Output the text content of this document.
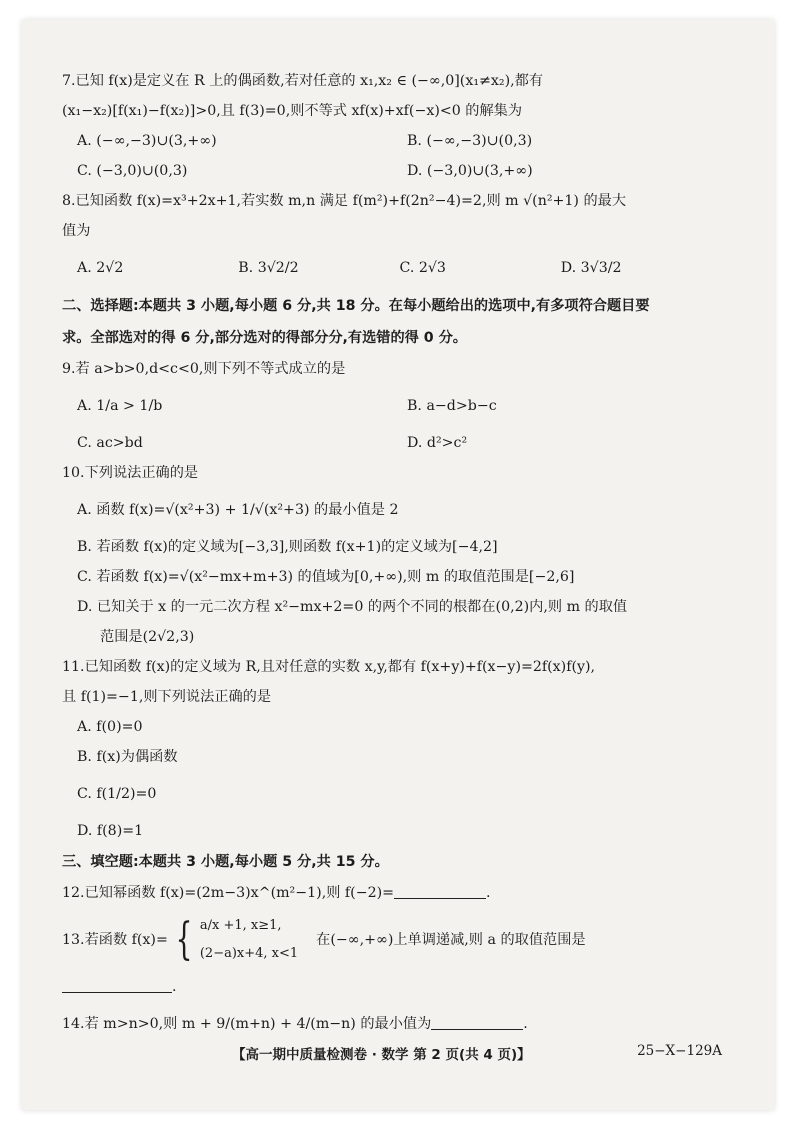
7.已知 f(x)是定义在 R 上的偶函数,若对任意的 x₁,x₂ ∈ (−∞,0](x₁≠x₂),都有
(x₁−x₂)[f(x₁)−f(x₂)]>0,且 f(3)=0,则不等式 xf(x)+xf(−x)<0 的解集为
A. (−∞,−3)∪(3,+∞)	B. (−∞,−3)∪(0,3)
C. (−3,0)∪(0,3)	D. (−3,0)∪(3,+∞)
8.已知函数 f(x)=x³+2x+1,若实数 m,n 满足 f(m²)+f(2n²−4)=2,则 m √(n²+1) 的最大
值为
A. 2√2	B. 3√2/2	C. 2√3	D. 3√3/2
二、选择题:本题共 3 小题,每小题 6 分,共 18 分。在每小题给出的选项中,有多项符合题目要
求。全部选对的得 6 分,部分选对的得部分分,有选错的得 0 分。
9.若 a>b>0,d<c<0,则下列不等式成立的是
A. 1/a > 1/b	B. a−d>b−c
C. ac>bd	D. d²>c²
10.下列说法正确的是
A. 函数 f(x)=√(x²+3) + 1/√(x²+3) 的最小值是 2
B. 若函数 f(x)的定义域为[−3,3],则函数 f(x+1)的定义域为[−4,2]
C. 若函数 f(x)=√(x²−mx+m+3) 的值域为[0,+∞),则 m 的取值范围是[−2,6]
D. 已知关于 x 的一元二次方程 x²−mx+2=0 的两个不同的根都在(0,2)内,则 m 的取值
范围是(2√2,3)
11.已知函数 f(x)的定义域为 R,且对任意的实数 x,y,都有 f(x+y)+f(x−y)=2f(x)f(y),
且 f(1)=−1,则下列说法正确的是
A. f(0)=0
B. f(x)为偶函数
C. f(1/2)=0
D. f(8)=1
三、填空题:本题共 3 小题,每小题 5 分,共 15 分。
12.已知幂函数 f(x)=(2m−3)x^(m²−1),则 f(−2)=	.
13.若函数 f(x)= { a/x +1, x≥1,
(2−a)x+4, x<1
在(−∞,+∞)上单调递减,则 a 的取值范围是
.
14.若 m>n>0,则 m + 9/(m+n) + 4/(m−n) 的最小值为	.
【高一期中质量检测卷 · 数学 第 2 页(共 4 页)】	25−X−129A
